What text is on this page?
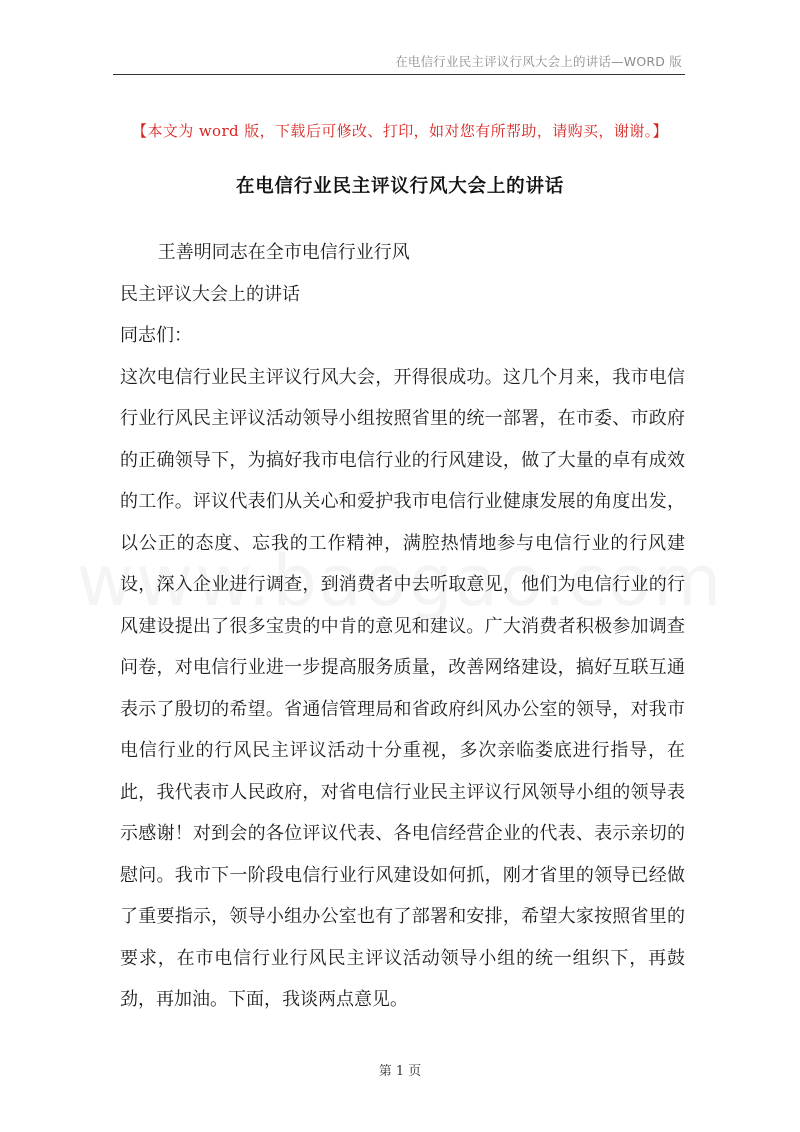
在电信行业民主评议行风大会上的讲话—WORD 版
【本文为 word 版，下载后可修改、打印，如对您有所帮助，请购买，谢谢。】
在电信行业民主评议行风大会上的讲话

王善明同志在全市电信行业行风

民主评议大会上的讲话

同志们：

这次电信行业民主评议行风大会，开得很成功。这几个月来，我市电信行业行风民主评议活动领导小组按照省里的统一部署，在市委、市政府的正确领导下，为搞好我市电信行业的行风建设，做了大量的卓有成效的工作。评议代表们从关心和爱护我市电信行业健康发展的角度出发，以公正的态度、忘我的工作精神，满腔热情地参与电信行业的行风建设，深入企业进行调查，到消费者中去听取意见，他们为电信行业的行风建设提出了很多宝贵的中肯的意见和建议。广大消费者积极参加调查问卷，对电信行业进一步提高服务质量，改善网络建设，搞好互联互通表示了殷切的希望。省通信管理局和省政府纠风办公室的领导，对我市电信行业的行风民主评议活动十分重视，多次亲临娄底进行指导，在此，我代表市人民政府，对省电信行业民主评议行风领导小组的领导表示感谢！对到会的各位评议代表、各电信经营企业的代表、表示亲切的慰问。我市下一阶段电信行业行风建设如何抓，刚才省里的领导已经做了重要指示，领导小组办公室也有了部署和安排，希望大家按照省里的要求，在市电信行业行风民主评议活动领导小组的统一组织下，再鼓劲，再加油。下面，我谈两点意见。

第 1 页
